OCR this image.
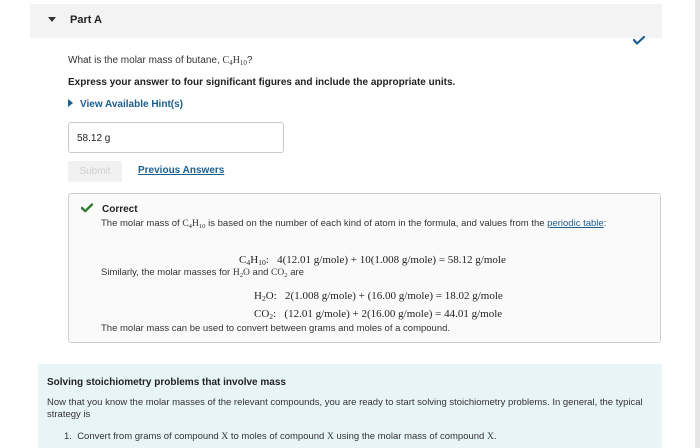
Part A
What is the molar mass of butane, $C_4H_{10}$?
Express your answer to four significant figures and include the appropriate units.
View Available Hint(s)
58.12 g
Submit	Previous Answers
Correct
The molar mass of $C_4H_{10}$ is based on the number of each kind of atom in the formula, and values from the periodic table:
$C_4H_{10}$:   4(12.01 g/mole) + 10(1.008 g/mole) = 58.12 g/mole
Similarly, the molar masses for $H_2O$ and $CO_2$ are
$H_2O$:   2(1.008 g/mole) + (16.00 g/mole) = 18.02 g/mole
$CO_2$:   (12.01 g/mole) + 2(16.00 g/mole) = 44.01 g/mole
The molar mass can be used to convert between grams and moles of a compound.
Solving stoichiometry problems that involve mass
Now that you know the molar masses of the relevant compounds, you are ready to start solving stoichiometry problems. In general, the typical strategy is
1.  Convert from grams of compound X to moles of compound X using the molar mass of compound X.
